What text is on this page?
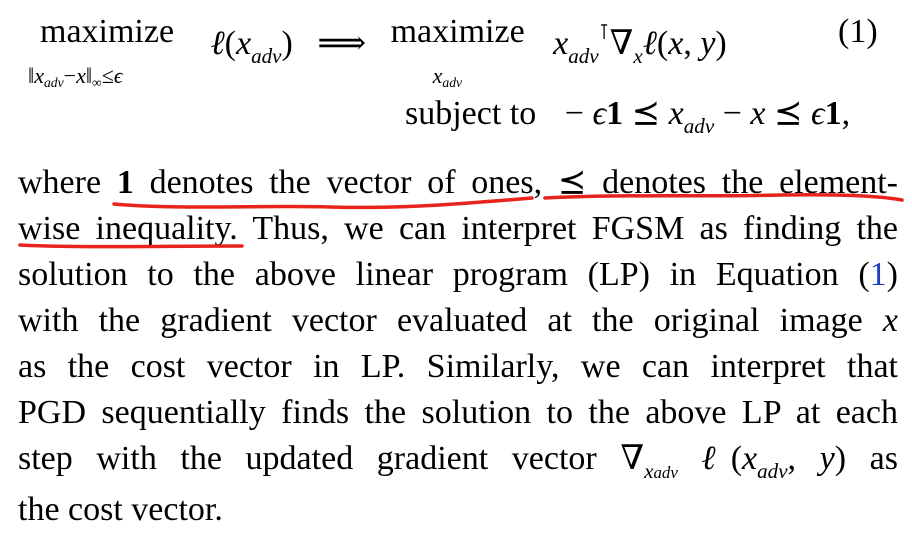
maximize
‖xadv−x‖∞≤ϵ
$\ell(x_{adv})$ ⟹ maximize
xadv
$x_{adv}^⊺\nabla_x\ell(x$, y)	(1)
subject to − ϵ1 ⪯ $x_{adv} - x$ ⪯ ϵ1,
where 1 denotes the vector of ones, ⪯ denotes the element-
wise inequality. Thus, we can interpret FGSM as finding the
solution to the above linear program (LP) in Equation (1)
with the gradient vector evaluated at the original image x
as the cost vector in LP. Similarly, we can interpret that
PGD sequentially finds the solution to the above LP at each
step with the updated gradient vector $\nabla_{xadv}$ $\ell(x_{adv}$, y) as
the cost vector.
